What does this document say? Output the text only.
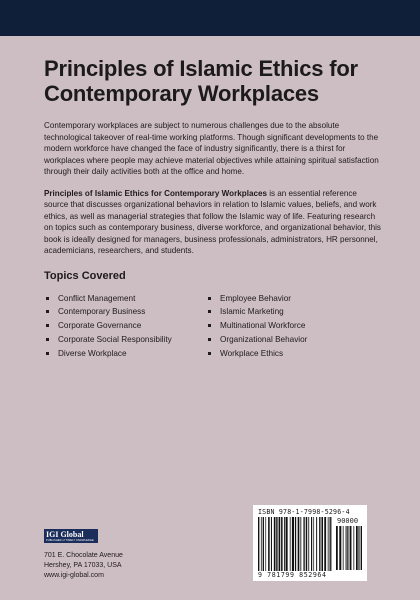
Principles of Islamic Ethics for Contemporary Workplaces

Contemporary workplaces are subject to numerous challenges due to the absolute technological takeover of real-time working platforms. Though significant developments to the modern workforce have changed the face of industry significantly, there is a thirst for workplaces where people may achieve material objectives while attaining spiritual satisfaction through their daily activities both at the office and home.

Principles of Islamic Ethics for Contemporary Workplaces is an essential reference source that discusses organizational behaviors in relation to Islamic values, beliefs, and work ethics, as well as managerial strategies that follow the Islamic way of life. Featuring research on topics such as contemporary business, diverse workforce, and organizational behavior, this book is ideally designed for managers, business professionals, administrators, HR personnel, academicians, researchers, and students.

Topics Covered
Conflict Management
Contemporary Business
Corporate Governance
Corporate Social Responsibility
Diverse Workplace
Employee Behavior
Islamic Marketing
Multinational Workforce
Organizational Behavior
Workplace Ethics
IGI Global
PUBLISHER of TIMELY KNOWLEDGE
701 E. Chocolate Avenue
Hershey, PA 17033, USA
www.igi-global.com
ISBN 978-1-7998-5296-4
90000
9 781799 852964
